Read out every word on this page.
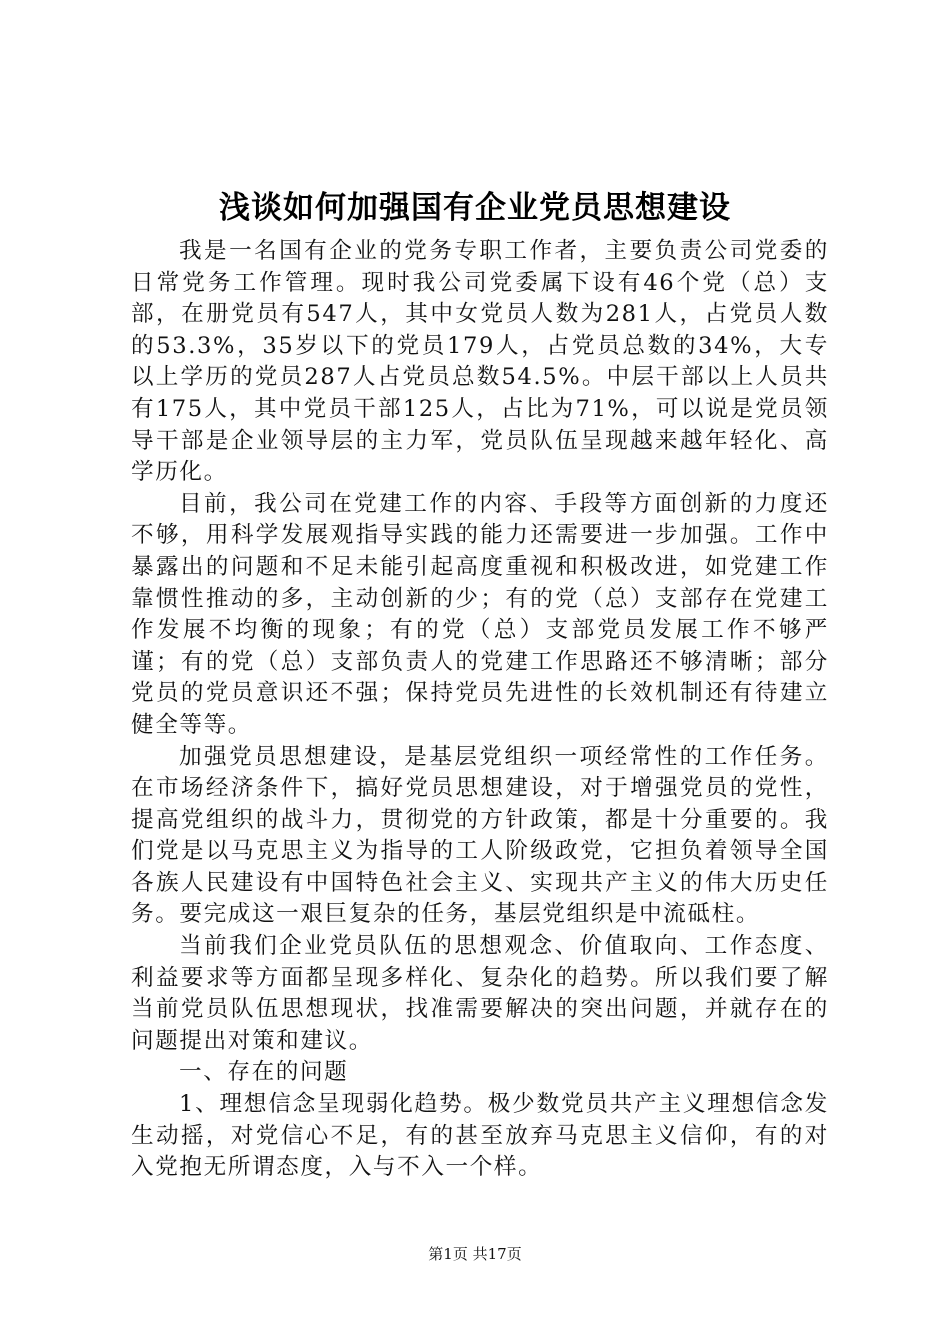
浅谈如何加强国有企业党员思想建设

我是一名国有企业的党务专职工作者，主要负责公司党委的日常党务工作管理。现时我公司党委属下设有46个党（总）支部，在册党员有547人，其中女党员人数为281人，占党员人数的53.3%，35岁以下的党员179人，占党员总数的34%，大专以上学历的党员287人占党员总数54.5%。中层干部以上人员共有175人，其中党员干部125人，占比为71%，可以说是党员领导干部是企业领导层的主力军，党员队伍呈现越来越年轻化、高学历化。

目前，我公司在党建工作的内容、手段等方面创新的力度还不够，用科学发展观指导实践的能力还需要进一步加强。工作中暴露出的问题和不足未能引起高度重视和积极改进，如党建工作靠惯性推动的多，主动创新的少；有的党（总）支部存在党建工作发展不均衡的现象；有的党（总）支部党员发展工作不够严谨；有的党（总）支部负责人的党建工作思路还不够清晰；部分党员的党员意识还不强；保持党员先进性的长效机制还有待建立健全等等。

加强党员思想建设，是基层党组织一项经常性的工作任务。在市场经济条件下，搞好党员思想建设，对于增强党员的党性，提高党组织的战斗力，贯彻党的方针政策，都是十分重要的。我们党是以马克思主义为指导的工人阶级政党，它担负着领导全国各族人民建设有中国特色社会主义、实现共产主义的伟大历史任务。要完成这一艰巨复杂的任务，基层党组织是中流砥柱。

当前我们企业党员队伍的思想观念、价值取向、工作态度、利益要求等方面都呈现多样化、复杂化的趋势。所以我们要了解当前党员队伍思想现状，找准需要解决的突出问题，并就存在的问题提出对策和建议。

一、存在的问题

1、理想信念呈现弱化趋势。极少数党员共产主义理想信念发生动摇，对党信心不足，有的甚至放弃马克思主义信仰，有的对入党抱无所谓态度，入与不入一个样。

第1页 共17页
